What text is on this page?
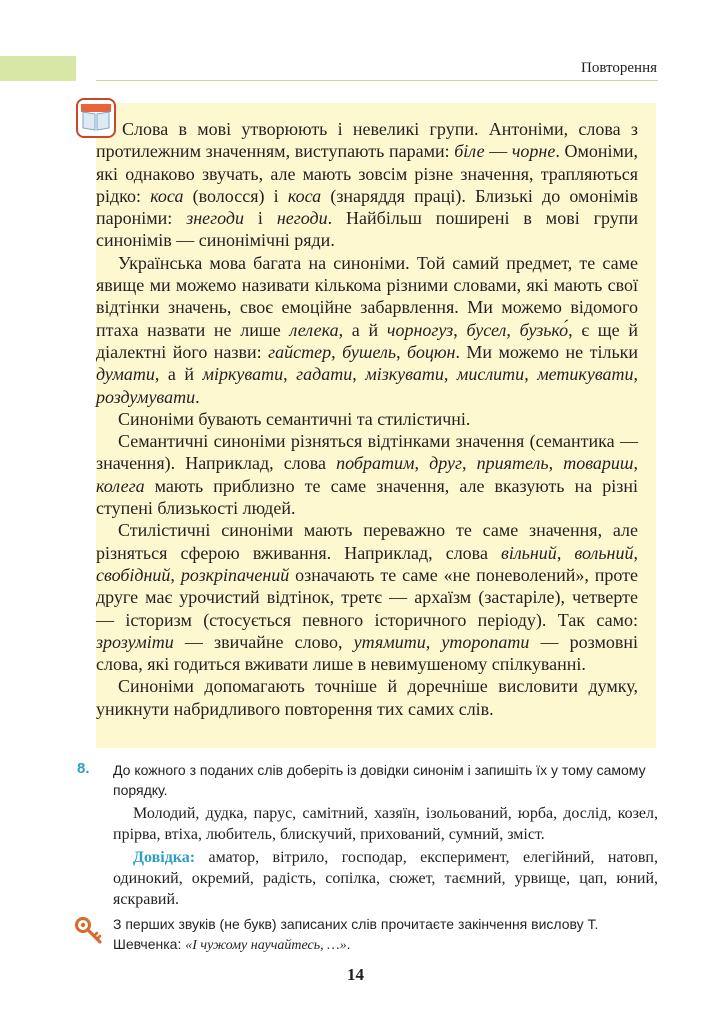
Повторення

Слова в мові утворюють і невеликі групи. Антоніми, слова з протилежним значенням, виступають парами: біле — чорне. Омоніми, які однаково звучать, але мають зовсім різне значення, трапляються рідко: коса (волосся) і коса (знаряддя праці). Близькі до омонімів пароніми: знегоди і негоди. Найбільш поширені в мові групи синонімів — синонімічні ряди.

Українська мова багата на синоніми. Той самий предмет, те саме явище ми можемо називати кількома різними словами, які мають свої відтінки значень, своє емоційне забарвлення. Ми можемо відомого птаха назвати не лише лелека, а й чорногуз, бусел, бузько́, є ще й діалектні його назви: гайстер, бушель, боцюн. Ми можемо не тільки думати, а й міркувати, гадати, мізкувати, мислити, метикувати, роздумувати.

Синоніми бувають семантичні та стилістичні.

Семантичні синоніми різняться відтінками значення (семантика — значення). Наприклад, слова побратим, друг, приятель, товариш, колега мають приблизно те саме значення, але вказують на різні ступені близькості людей.

Стилістичні синоніми мають переважно те саме значення, але різняться сферою вживання. Наприклад, слова вільний, вольний, свобідний, розкріпачений означають те саме «не поневолений», проте друге має урочистий відтінок, третє — архаїзм (застаріле), четверте — історизм (стосується певного історичного періоду). Так само: зрозуміти — звичайне слово, утямити, уторопати — розмовні слова, які годиться вживати лише в невимушеному спілкуванні.

Синоніми допомагають точніше й доречніше висловити думку, уникнути набридливого повторення тих самих слів.

8. До кожного з поданих слів доберіть із довідки синонім і запишіть їх у тому самому порядку.

Молодий, дудка, парус, самітний, хазяїн, ізольований, юрба, дослід, козел, прірва, втіха, любитель, блискучий, прихований, сумний, зміст.

Довідка: аматор, вітрило, господар, експеримент, елегійний, натовп, одинокий, окремий, радість, сопілка, сюжет, таємний, урвище, цап, юний, яскравий.

З перших звуків (не букв) записаних слів прочитаєте закінчення вислову Т. Шевченка: «І чужому научайтесь, …».
14
